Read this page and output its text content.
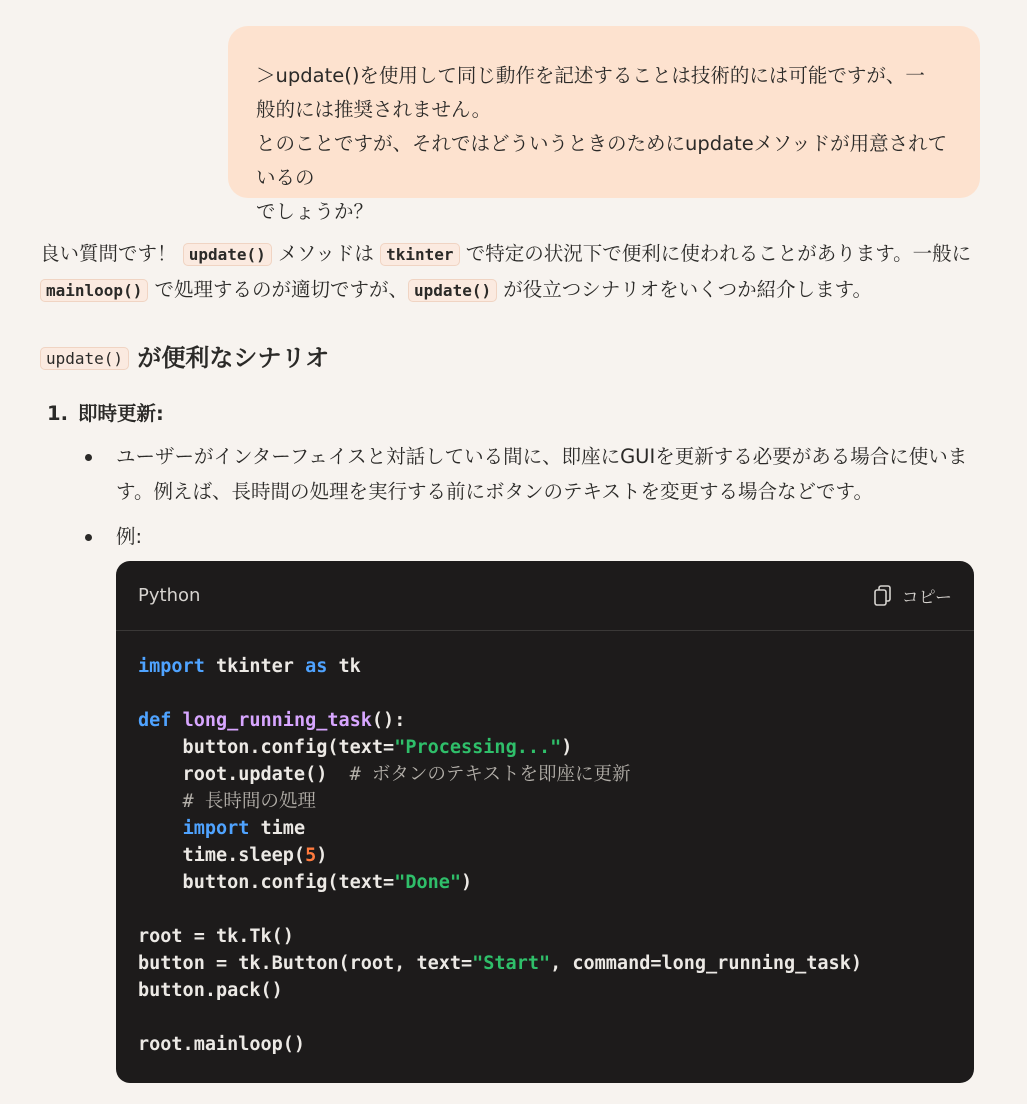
＞update()を使用して同じ動作を記述することは技術的には可能ですが、一

般的には推奨されません。

とのことですが、それではどういうときのためにupdateメソッドが用意されているの

でしょうか？

良い質問です！ update() メソッドは tkinter で特定の状況下で便利に使われることがあります。一般に mainloop() で処理するのが適切ですが、 update() が役立つシナリオをいくつか紹介します。

update() が便利なシナリオ
1. 即時更新:
ユーザーがインターフェイスと対話している間に、即座にGUIを更新する必要がある場合に使います。例えば、長時間の処理を実行する前にボタンのテキストを変更する場合などです。
例:
Python	コピー
import tkinter as tk

def long_running_task():
button.config(text="Processing...")
root.update()  # ボタンのテキストを即座に更新
# 長時間の処理
import time
time.sleep(5)
button.config(text="Done")

root = tk.Tk()
button = tk.Button(root, text="Start", command=long_running_task)
button.pack()

root.mainloop()
